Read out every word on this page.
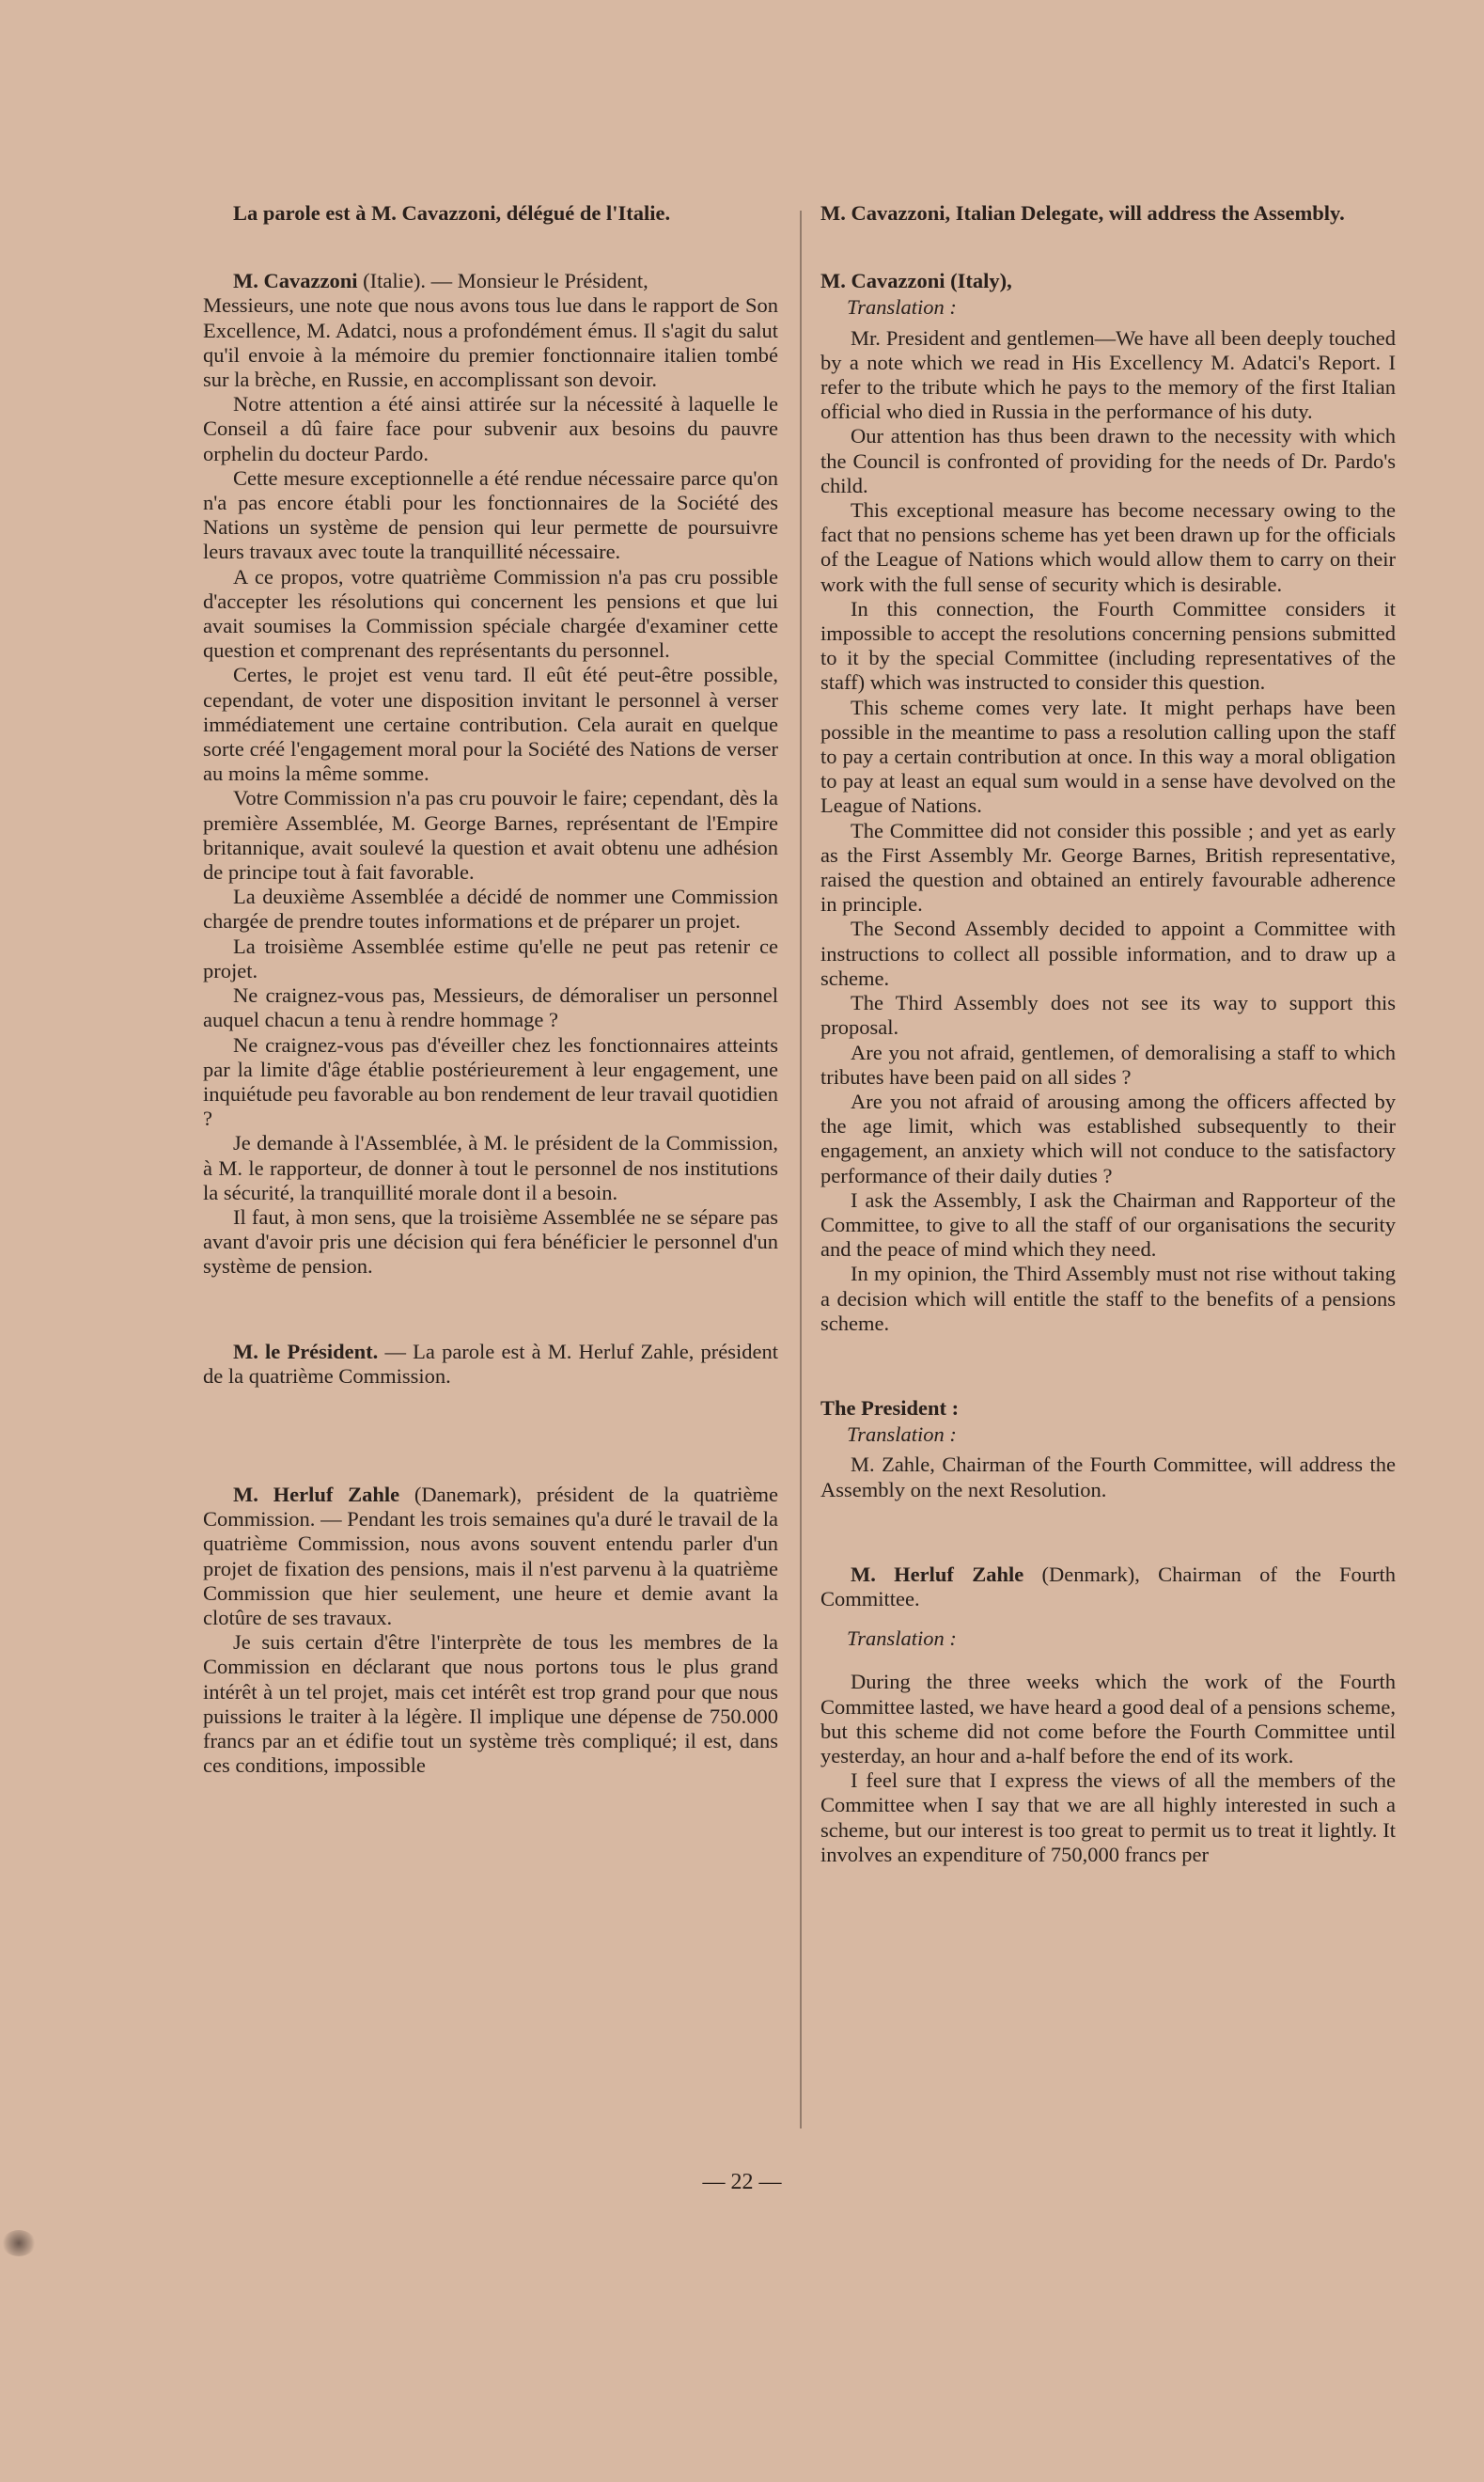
La parole est à M. Cavazzoni, délégué de l'Italie.

M. Cavazzoni (Italie). — Monsieur le Président,

Messieurs, une note que nous avons tous lue dans le rapport de Son Excellence, M. Adatci, nous a profondément émus. Il s'agit du salut qu'il envoie à la mémoire du premier fonctionnaire italien tombé sur la brèche, en Russie, en accomplissant son devoir.

Notre attention a été ainsi attirée sur la nécessité à laquelle le Conseil a dû faire face pour subvenir aux besoins du pauvre orphelin du docteur Pardo.

Cette mesure exceptionnelle a été rendue nécessaire parce qu'on n'a pas encore établi pour les fonctionnaires de la Société des Nations un système de pension qui leur permette de poursuivre leurs travaux avec toute la tranquillité nécessaire.

A ce propos, votre quatrième Commission n'a pas cru possible d'accepter les résolutions qui concernent les pensions et que lui avait soumises la Commission spéciale chargée d'examiner cette question et comprenant des représentants du personnel.

Certes, le projet est venu tard. Il eût été peut-être possible, cependant, de voter une disposition invitant le personnel à verser immédiatement une certaine contribution. Cela aurait en quelque sorte créé l'engagement moral pour la Société des Nations de verser au moins la même somme.

Votre Commission n'a pas cru pouvoir le faire; cependant, dès la première Assemblée, M. George Barnes, représentant de l'Empire britannique, avait soulevé la question et avait obtenu une adhésion de principe tout à fait favorable.

La deuxième Assemblée a décidé de nommer une Commission chargée de prendre toutes informations et de préparer un projet.

La troisième Assemblée estime qu'elle ne peut pas retenir ce projet.

Ne craignez-vous pas, Messieurs, de démoraliser un personnel auquel chacun a tenu à rendre hommage ?

Ne craignez-vous pas d'éveiller chez les fonctionnaires atteints par la limite d'âge établie postérieurement à leur engagement, une inquiétude peu favorable au bon rendement de leur travail quotidien ?

Je demande à l'Assemblée, à M. le président de la Commission, à M. le rapporteur, de donner à tout le personnel de nos institutions la sécurité, la tranquillité morale dont il a besoin.

Il faut, à mon sens, que la troisième Assemblée ne se sépare pas avant d'avoir pris une décision qui fera bénéficier le personnel d'un système de pension.

M. le Président. — La parole est à M. Herluf Zahle, président de la quatrième Commission.

M. Herluf Zahle (Danemark), président de la quatrième Commission. — Pendant les trois semaines qu'a duré le travail de la quatrième Commission, nous avons souvent entendu parler d'un projet de fixation des pensions, mais il n'est parvenu à la quatrième Commission que hier seulement, une heure et demie avant la clotûre de ses travaux.

Je suis certain d'être l'interprète de tous les membres de la Commission en déclarant que nous portons tous le plus grand intérêt à un tel projet, mais cet intérêt est trop grand pour que nous puissions le traiter à la légère. Il implique une dépense de 750.000 francs par an et édifie tout un système très compliqué; il est, dans ces conditions, impossible

M. Cavazzoni, Italian Delegate, will address the Assembly.

M. Cavazzoni (Italy),

Translation :

Mr. President and gentlemen—We have all been deeply touched by a note which we read in His Excellency M. Adatci's Report. I refer to the tribute which he pays to the memory of the first Italian official who died in Russia in the performance of his duty.

Our attention has thus been drawn to the necessity with which the Council is confronted of providing for the needs of Dr. Pardo's child.

This exceptional measure has become necessary owing to the fact that no pensions scheme has yet been drawn up for the officials of the League of Nations which would allow them to carry on their work with the full sense of security which is desirable.

In this connection, the Fourth Committee considers it impossible to accept the resolutions concerning pensions submitted to it by the special Committee (including representatives of the staff) which was instructed to consider this question.

This scheme comes very late. It might perhaps have been possible in the meantime to pass a resolution calling upon the staff to pay a certain contribution at once. In this way a moral obligation to pay at least an equal sum would in a sense have devolved on the League of Nations.

The Committee did not consider this possible ; and yet as early as the First Assembly Mr. George Barnes, British representative, raised the question and obtained an entirely favourable adherence in principle.

The Second Assembly decided to appoint a Committee with instructions to collect all possible information, and to draw up a scheme.

The Third Assembly does not see its way to support this proposal.

Are you not afraid, gentlemen, of demoralising a staff to which tributes have been paid on all sides ?

Are you not afraid of arousing among the officers affected by the age limit, which was established subsequently to their engagement, an anxiety which will not conduce to the satisfactory performance of their daily duties ?

I ask the Assembly, I ask the Chairman and Rapporteur of the Committee, to give to all the staff of our organisations the security and the peace of mind which they need.

In my opinion, the Third Assembly must not rise without taking a decision which will entitle the staff to the benefits of a pensions scheme.

The President :

Translation :

M. Zahle, Chairman of the Fourth Committee, will address the Assembly on the next Resolution.

M. Herluf Zahle (Denmark), Chairman of the Fourth Committee.

Translation :

During the three weeks which the work of the Fourth Committee lasted, we have heard a good deal of a pensions scheme, but this scheme did not come before the Fourth Committee until yesterday, an hour and a-half before the end of its work.

I feel sure that I express the views of all the members of the Committee when I say that we are all highly interested in such a scheme, but our interest is too great to permit us to treat it lightly. It involves an expenditure of 750,000 francs per

— 22 —
